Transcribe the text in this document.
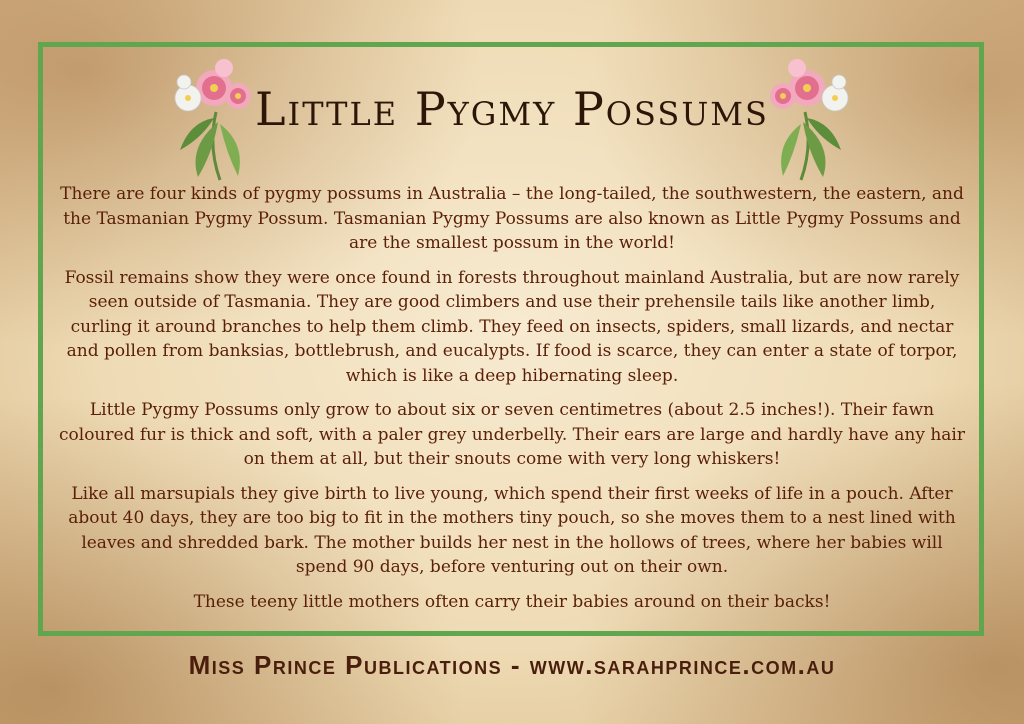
Little Pygmy Possums

There are four kinds of pygmy possums in Australia – the long-tailed, the southwestern, the eastern, and the Tasmanian Pygmy Possum. Tasmanian Pygmy Possums are also known as Little Pygmy Possums and are the smallest possum in the world!

Fossil remains show they were once found in forests throughout mainland Australia, but are now rarely seen outside of Tasmania. They are good climbers and use their prehensile tails like another limb, curling it around branches to help them climb. They feed on insects, spiders, small lizards, and nectar and pollen from banksias, bottlebrush, and eucalypts. If food is scarce, they can enter a state of torpor, which is like a deep hibernating sleep.

Little Pygmy Possums only grow to about six or seven centimetres (about 2.5 inches!). Their fawn coloured fur is thick and soft, with a paler grey underbelly. Their ears are large and hardly have any hair on them at all, but their snouts come with very long whiskers!

Like all marsupials they give birth to live young, which spend their first weeks of life in a pouch. After about 40 days, they are too big to fit in the mothers tiny pouch, so she moves them to a nest lined with leaves and shredded bark. The mother builds her nest in the hollows of trees, where her babies will spend 90 days, before venturing out on their own.

These teeny little mothers often carry their babies around on their backs!

Miss Prince Publications - www.sarahprince.com.au
